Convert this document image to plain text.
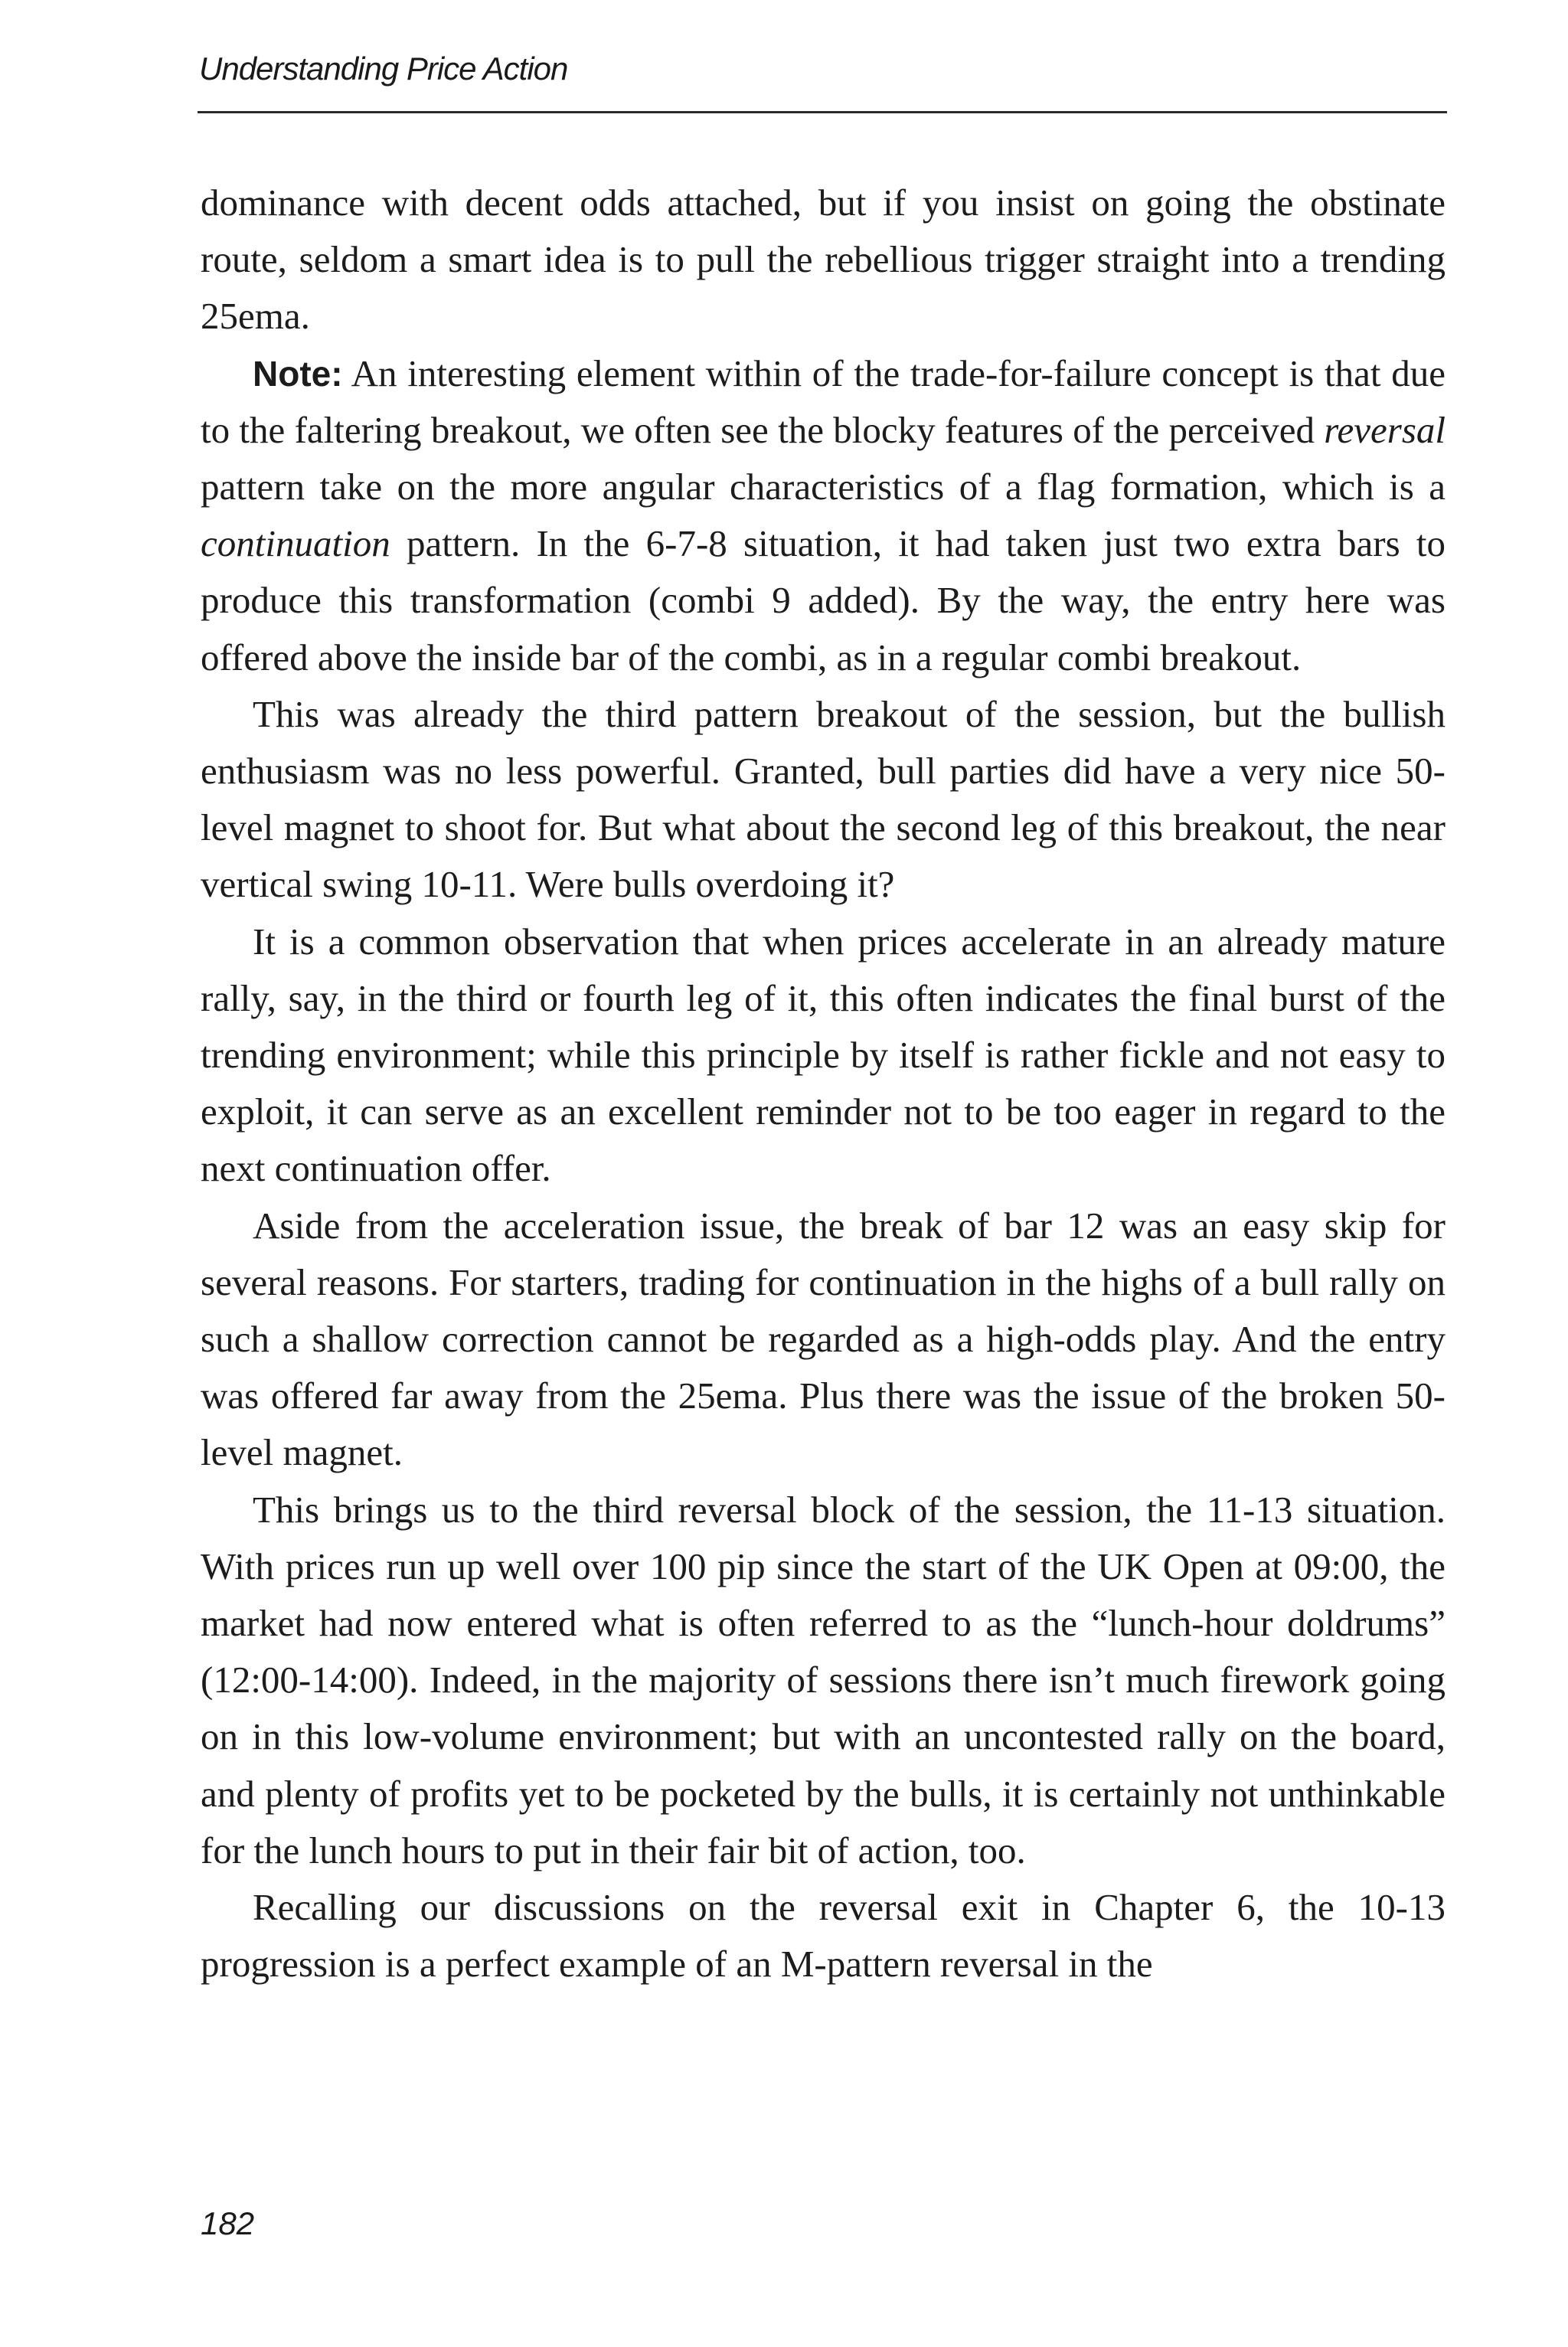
Understanding Price Action

dominance with decent odds attached, but if you insist on going the obstinate route, seldom a smart idea is to pull the rebellious trigger straight into a trending 25ema.

Note: An interesting element within of the trade-for-failure concept is that due to the faltering breakout, we often see the blocky features of the perceived reversal pattern take on the more angular characteristics of a flag formation, which is a continuation pattern. In the 6-7-8 situation, it had taken just two extra bars to produce this transformation (combi 9 added). By the way, the entry here was offered above the inside bar of the combi, as in a regular combi breakout.

This was already the third pattern breakout of the session, but the bullish enthusiasm was no less powerful. Granted, bull parties did have a very nice 50-level magnet to shoot for. But what about the second leg of this breakout, the near vertical swing 10-11. Were bulls overdoing it?

It is a common observation that when prices accelerate in an already mature rally, say, in the third or fourth leg of it, this often indicates the final burst of the trending environment; while this principle by itself is rather fickle and not easy to exploit, it can serve as an excellent reminder not to be too eager in regard to the next continuation offer.

Aside from the acceleration issue, the break of bar 12 was an easy skip for several reasons. For starters, trading for continuation in the highs of a bull rally on such a shallow correction cannot be regarded as a high-odds play. And the entry was offered far away from the 25ema. Plus there was the issue of the broken 50-level magnet.

This brings us to the third reversal block of the session, the 11-13 situation. With prices run up well over 100 pip since the start of the UK Open at 09:00, the market had now entered what is often referred to as the “lunch-hour doldrums” (12:00-14:00). Indeed, in the majority of sessions there isn’t much firework going on in this low-volume environment; but with an uncontested rally on the board, and plenty of profits yet to be pocketed by the bulls, it is certainly not unthinkable for the lunch hours to put in their fair bit of action, too.

Recalling our discussions on the reversal exit in Chapter 6, the 10-13 progression is a perfect example of an M-pattern reversal in the

182
